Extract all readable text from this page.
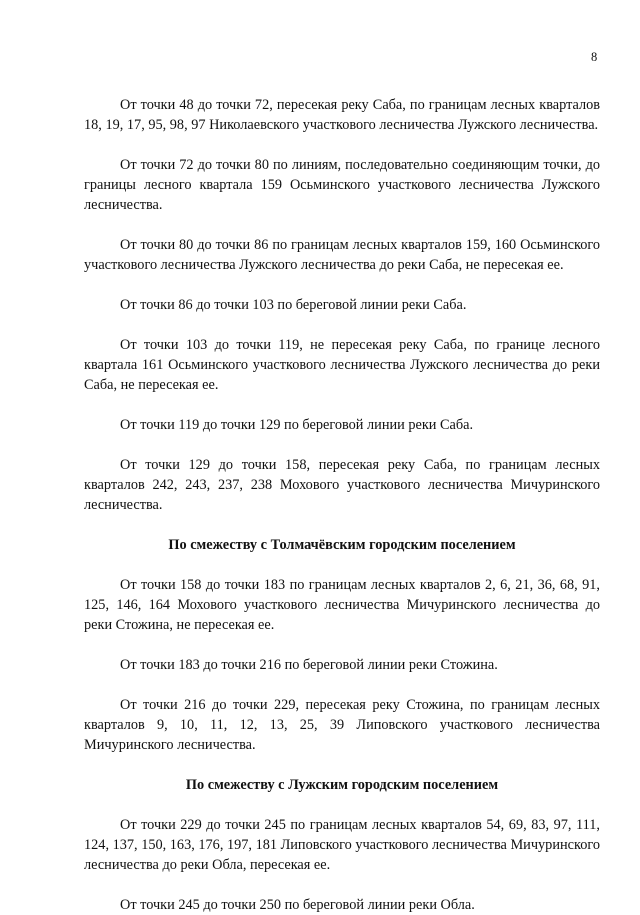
8

От точки 48 до точки 72, пересекая реку Саба, по границам лесных кварталов 18, 19, 17, 95, 98, 97 Николаевского участкового лесничества Лужского лесничества.

От точки 72 до точки 80 по линиям, последовательно соединяющим точки, до границы лесного квартала 159 Осьминского участкового лесничества Лужского лесничества.

От точки 80 до точки 86 по границам лесных кварталов 159, 160 Осьминского участкового лесничества Лужского лесничества до реки Саба, не пересекая ее.

От точки 86 до точки 103 по береговой линии реки Саба.

От точки 103 до точки 119, не пересекая реку Саба, по границе лесного квартала 161 Осьминского участкового лесничества Лужского лесничества до реки Саба, не пересекая ее.

От точки 119 до точки 129 по береговой линии реки Саба.

От точки 129 до точки 158, пересекая реку Саба, по границам лесных кварталов 242, 243, 237, 238 Мохового участкового лесничества Мичуринского лесничества.

По смежеству с Толмачёвским городским поселением

От точки 158 до точки 183 по границам лесных кварталов 2, 6, 21, 36, 68, 91, 125, 146, 164 Мохового участкового лесничества Мичуринского лесничества до реки Стожина, не пересекая ее.

От точки 183 до точки 216 по береговой линии реки Стожина.

От точки 216 до точки 229, пересекая реку Стожина, по границам лесных кварталов 9, 10, 11, 12, 13, 25, 39 Липовского участкового лесничества Мичуринского лесничества.

По смежеству с Лужским городским поселением

От точки 229 до точки 245 по границам лесных кварталов 54, 69, 83, 97, 111, 124, 137, 150, 163, 176, 197, 181 Липовского участкового лесничества Мичуринского лесничества до реки Облa, пересекая ее.

От точки 245 до точки 250 по береговой линии реки Облa.
